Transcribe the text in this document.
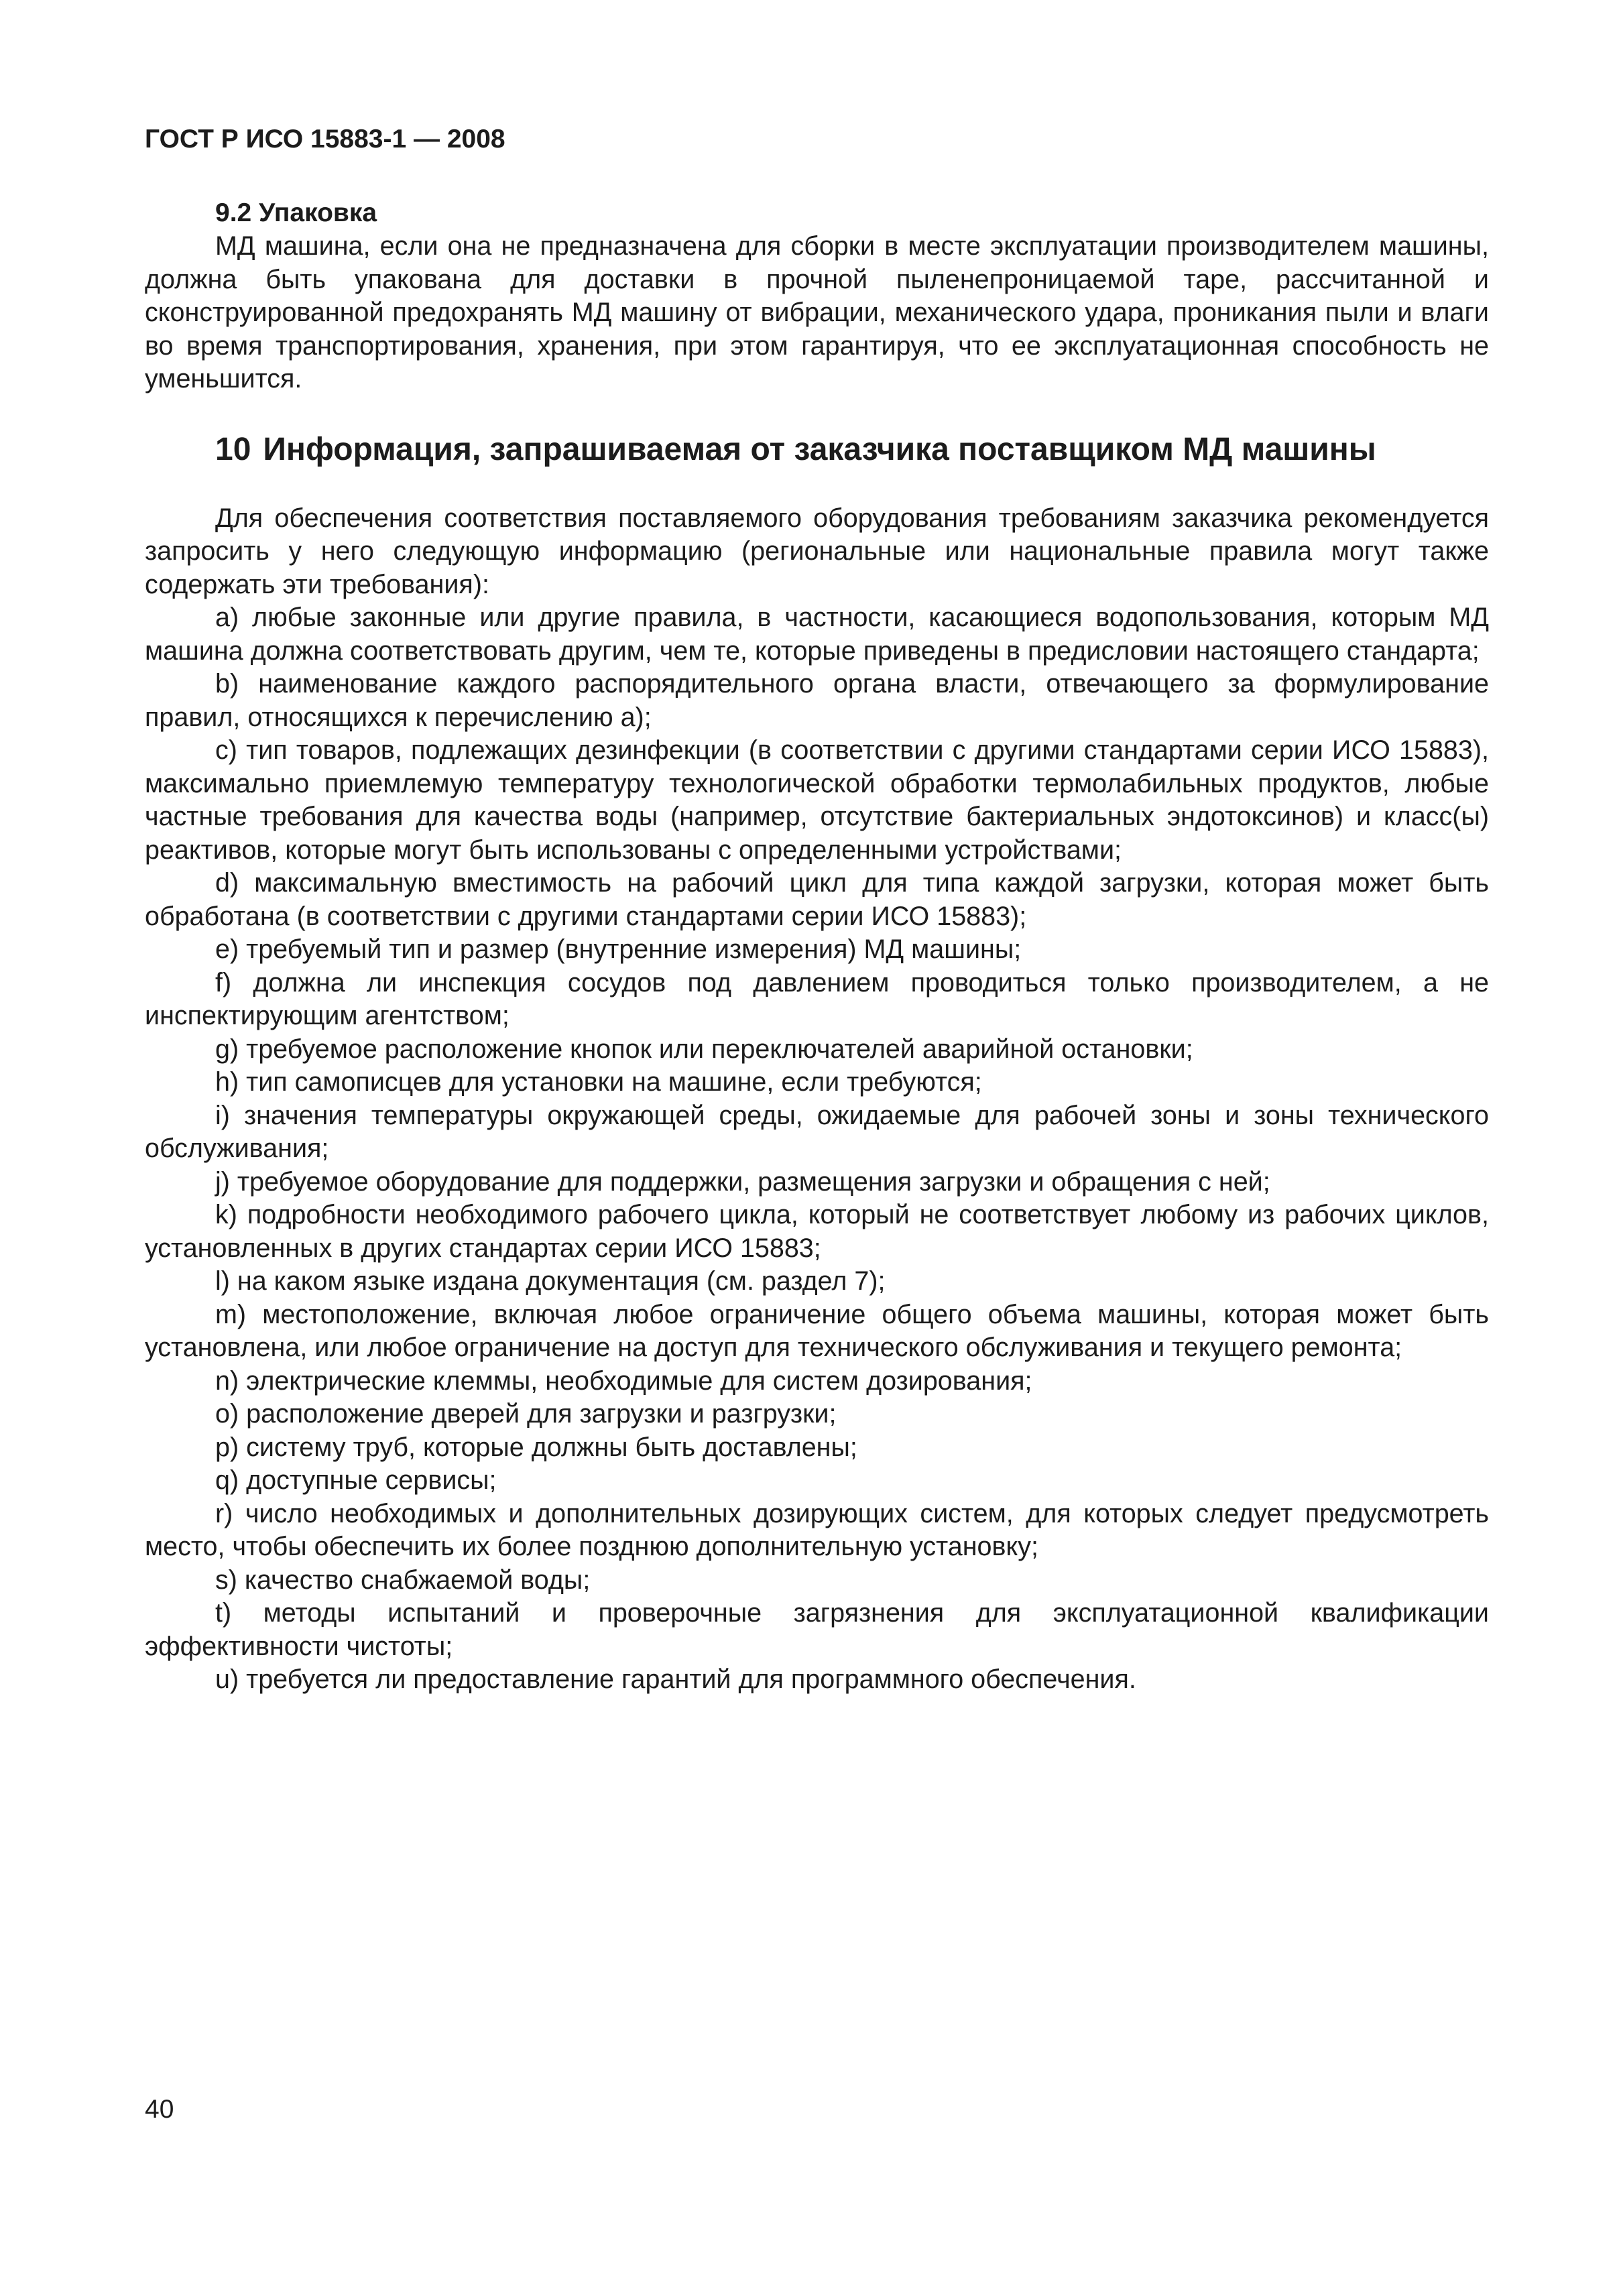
ГОСТ Р ИСО 15883-1 — 2008
9.2 Упаковка

МД машина, если она не предназначена для сборки в месте эксплуатации производителем машины, должна быть упакована для доставки в прочной пыленепроницаемой таре, рассчитанной и сконструированной предохранять МД машину от вибрации, механического удара, проникания пыли и влаги во время транспортирования, хранения, при этом гарантируя, что ее эксплуатационная способность не уменьшится.

10 Информация, запрашиваемая от заказчика поставщиком МД машины

Для обеспечения соответствия поставляемого оборудования требованиям заказчика рекомендуется запросить у него следующую информацию (региональные или национальные правила могут также содержать эти требования):

a) любые законные или другие правила, в частности, касающиеся водопользования, которым МД машина должна соответствовать другим, чем те, которые приведены в предисловии настоящего стандарта;

b) наименование каждого распорядительного органа власти, отвечающего за формулирование правил, относящихся к перечислению a);

c) тип товаров, подлежащих дезинфекции (в соответствии с другими стандартами серии ИСО 15883), максимально приемлемую температуру технологической обработки термолабильных продуктов, любые частные требования для качества воды (например, отсутствие бактериальных эндотоксинов) и класс(ы) реактивов, которые могут быть использованы с определенными устройствами;

d) максимальную вместимость на рабочий цикл для типа каждой загрузки, которая может быть обработана (в соответствии с другими стандартами серии ИСО 15883);

e) требуемый тип и размер (внутренние измерения) МД машины;

f) должна ли инспекция сосудов под давлением проводиться только производителем, а не инспектирующим агентством;

g) требуемое расположение кнопок или переключателей аварийной остановки;

h) тип самописцев для установки на машине, если требуются;

i) значения температуры окружающей среды, ожидаемые для рабочей зоны и зоны технического обслуживания;

j) требуемое оборудование для поддержки, размещения загрузки и обращения с ней;

k) подробности необходимого рабочего цикла, который не соответствует любому из рабочих циклов, установленных в других стандартах серии ИСО 15883;

l) на каком языке издана документация (см. раздел 7);

m) местоположение, включая любое ограничение общего объема машины, которая может быть установлена, или любое ограничение на доступ для технического обслуживания и текущего ремонта;

n) электрические клеммы, необходимые для систем дозирования;

o) расположение дверей для загрузки и разгрузки;

p) систему труб, которые должны быть доставлены;

q) доступные сервисы;

r) число необходимых и дополнительных дозирующих систем, для которых следует предусмотреть место, чтобы обеспечить их более позднюю дополнительную установку;

s) качество снабжаемой воды;

t) методы испытаний и проверочные загрязнения для эксплуатационной квалификации эффективности чистоты;

u) требуется ли предоставление гарантий для программного обеспечения.

40
